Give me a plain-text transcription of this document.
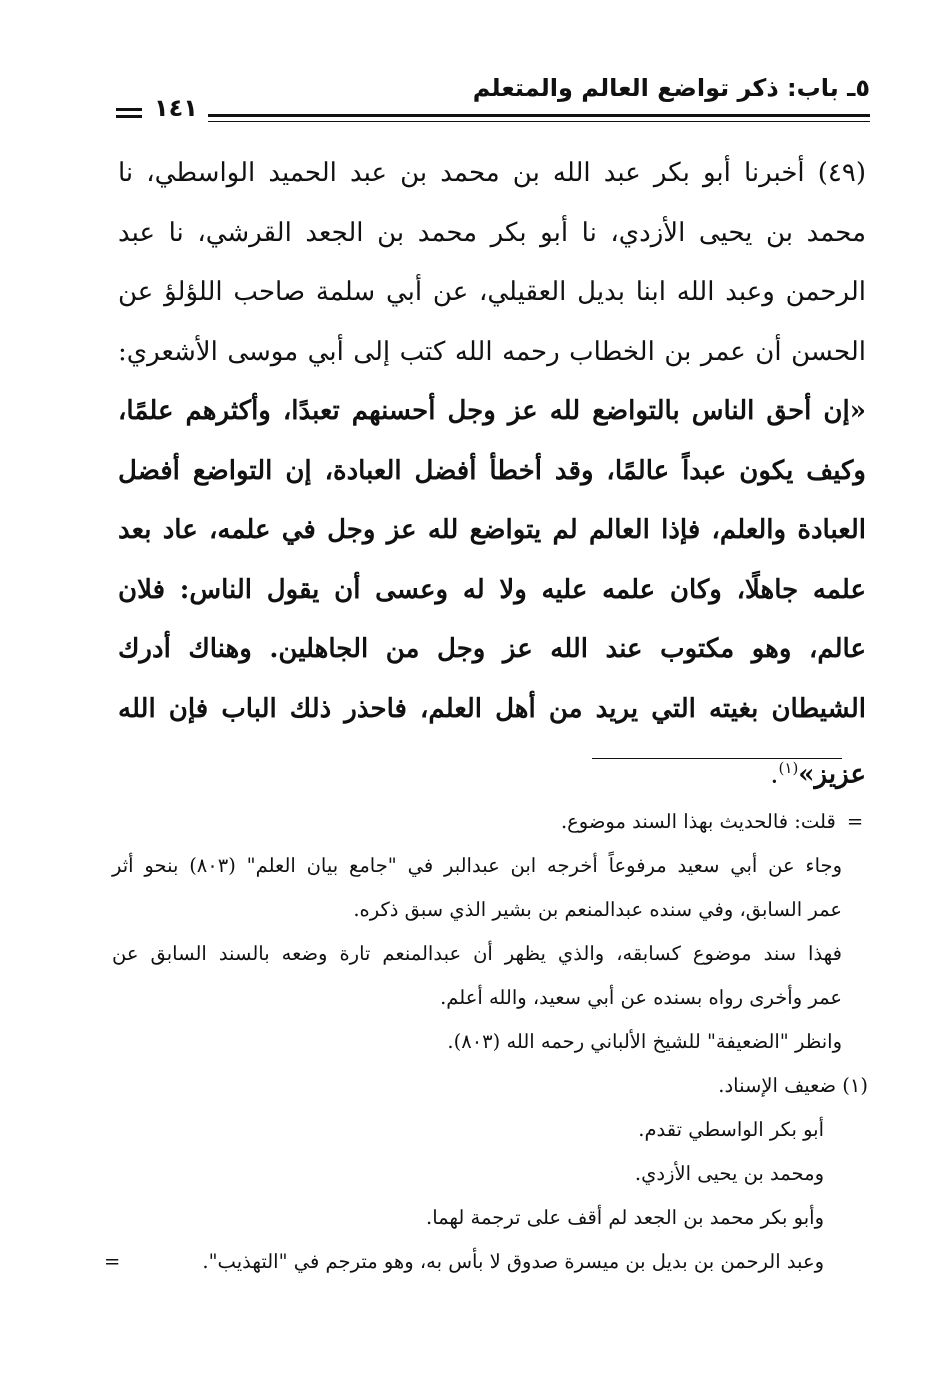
٥ـ باب: ذكر تواضع العالم والمتعلم
١٤١
(٤٩) أخبرنا أبو بكر عبد الله بن محمد بن عبد الحميد الواسطي، نا محمد بن يحيى الأزدي، نا أبو بكر محمد بن الجعد القرشي، نا عبد الرحمن وعبد الله ابنا بديل العقيلي، عن أبي سلمة صاحب اللؤلؤ عن الحسن أن عمر بن الخطاب رحمه الله كتب إلى أبي موسى الأشعري: «إن أحق الناس بالتواضع لله عز وجل أحسنهم تعبدًا، وأكثرهم علمًا، وكيف يكون عبداً عالمًا، وقد أخطأ أفضل العبادة، إن التواضع أفضل العبادة والعلم، فإذا العالم لم يتواضع لله عز وجل في علمه، عاد بعد علمه جاهلًا، وكان علمه عليه ولا له وعسى أن يقول الناس: فلان عالم، وهو مكتوب عند الله عز وجل من الجاهلين. وهناك أدرك الشيطان بغيته التي يريد من أهل العلم، فاحذر ذلك الباب فإن الله عزيز»$^{(١)}$.
= قلت: فالحديث بهذا السند موضوع.
وجاء عن أبي سعيد مرفوعاً أخرجه ابن عبدالبر في "جامع بيان العلم" (٨٠٣) بنحو أثر
عمر السابق، وفي سنده عبدالمنعم بن بشير الذي سبق ذكره.
فهذا سند موضوع كسابقه، والذي يظهر أن عبدالمنعم تارة وضعه بالسند السابق عن
عمر وأخرى رواه بسنده عن أبي سعيد، والله أعلم.
وانظر "الضعيفة" للشيخ الألباني رحمه الله (٨٠٣).
(١) ضعيف الإسناد.
أبو بكر الواسطي تقدم.
ومحمد بن يحيى الأزدي.
وأبو بكر محمد بن الجعد لم أقف على ترجمة لهما.
وعبد الرحمن بن بديل بن ميسرة صدوق لا بأس به، وهو مترجم في "التهذيب".
=
